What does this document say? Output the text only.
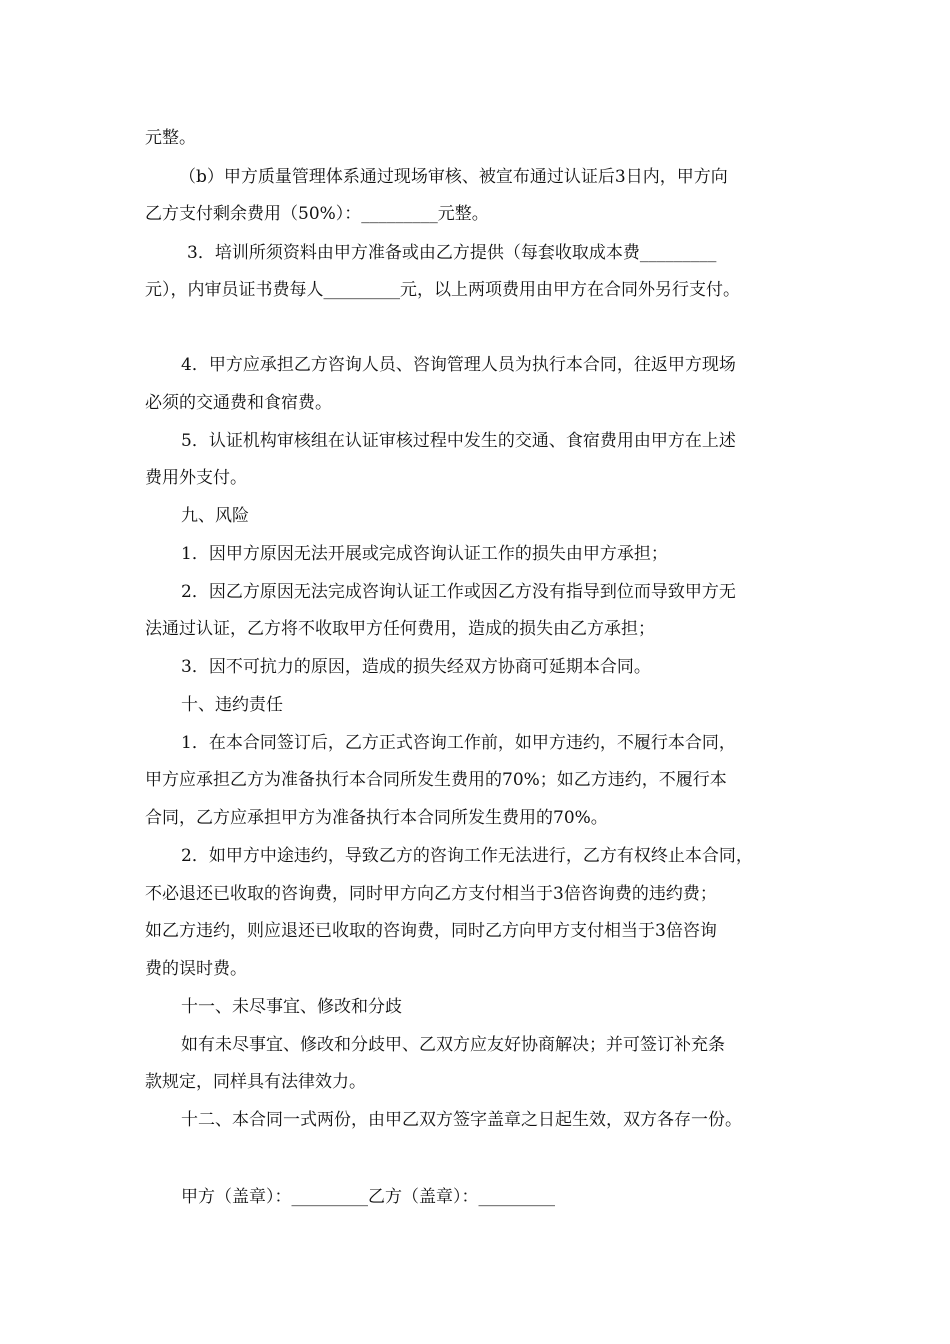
元整。

（b）甲方质量管理体系通过现场审核、被宣布通过认证后3日内，甲方向

乙方支付剩余费用（50%）：_________元整。

3．培训所须资料由甲方准备或由乙方提供（每套收取成本费_________

元），内审员证书费每人_________元，以上两项费用由甲方在合同外另行支付。

4．甲方应承担乙方咨询人员、咨询管理人员为执行本合同，往返甲方现场

必须的交通费和食宿费。

5．认证机构审核组在认证审核过程中发生的交通、食宿费用由甲方在上述

费用外支付。

九、风险

1．因甲方原因无法开展或完成咨询认证工作的损失由甲方承担；

2．因乙方原因无法完成咨询认证工作或因乙方没有指导到位而导致甲方无

法通过认证，乙方将不收取甲方任何费用，造成的损失由乙方承担；

3．因不可抗力的原因，造成的损失经双方协商可延期本合同。

十、违约责任

1．在本合同签订后，乙方正式咨询工作前，如甲方违约，不履行本合同，

甲方应承担乙方为准备执行本合同所发生费用的70%；如乙方违约，不履行本

合同，乙方应承担甲方为准备执行本合同所发生费用的70%。

2．如甲方中途违约，导致乙方的咨询工作无法进行，乙方有权终止本合同，

不必退还已收取的咨询费，同时甲方向乙方支付相当于3倍咨询费的违约费；

如乙方违约，则应退还已收取的咨询费，同时乙方向甲方支付相当于3倍咨询

费的误时费。

十一、未尽事宜、修改和分歧

如有未尽事宜、修改和分歧甲、乙双方应友好协商解决；并可签订补充条

款规定，同样具有法律效力。

十二、本合同一式两份，由甲乙双方签字盖章之日起生效，双方各存一份。

甲方（盖章）：_________乙方（盖章）：_________
